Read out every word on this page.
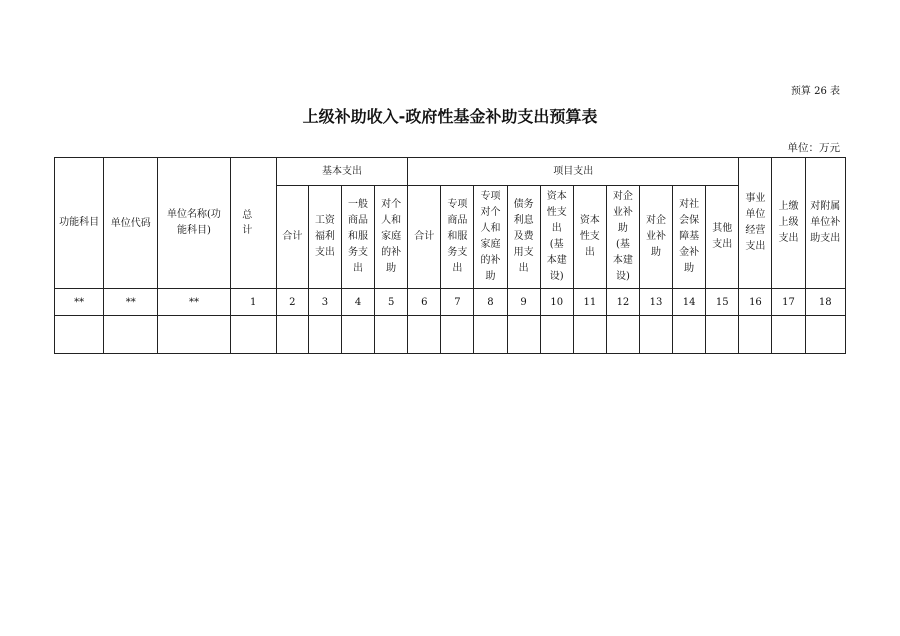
预算 26 表
上级补助收入-政府性基金补助支出预算表
单位：万元
功能科目	单位代码	单位名称(功能科目)	总 计	基本支出				项目支出										事业单位经营支出	上缴上级支出	对附属单位补助支出
				合计	工资福利支出	一般商品和服务支出	对个人和家庭的补助	合计	专项商品和服务支出	专项对个人和家庭的补助	债务利息及费用支出	资本性支出(基本建设)	资本性支出	对企业补助(基本建设)	对企业补助	对社会保障基金补助	其他支出			
**	**	**	1	2	3	4	5	6	7	8	9	10	11	12	13	14	15	16	17	18
